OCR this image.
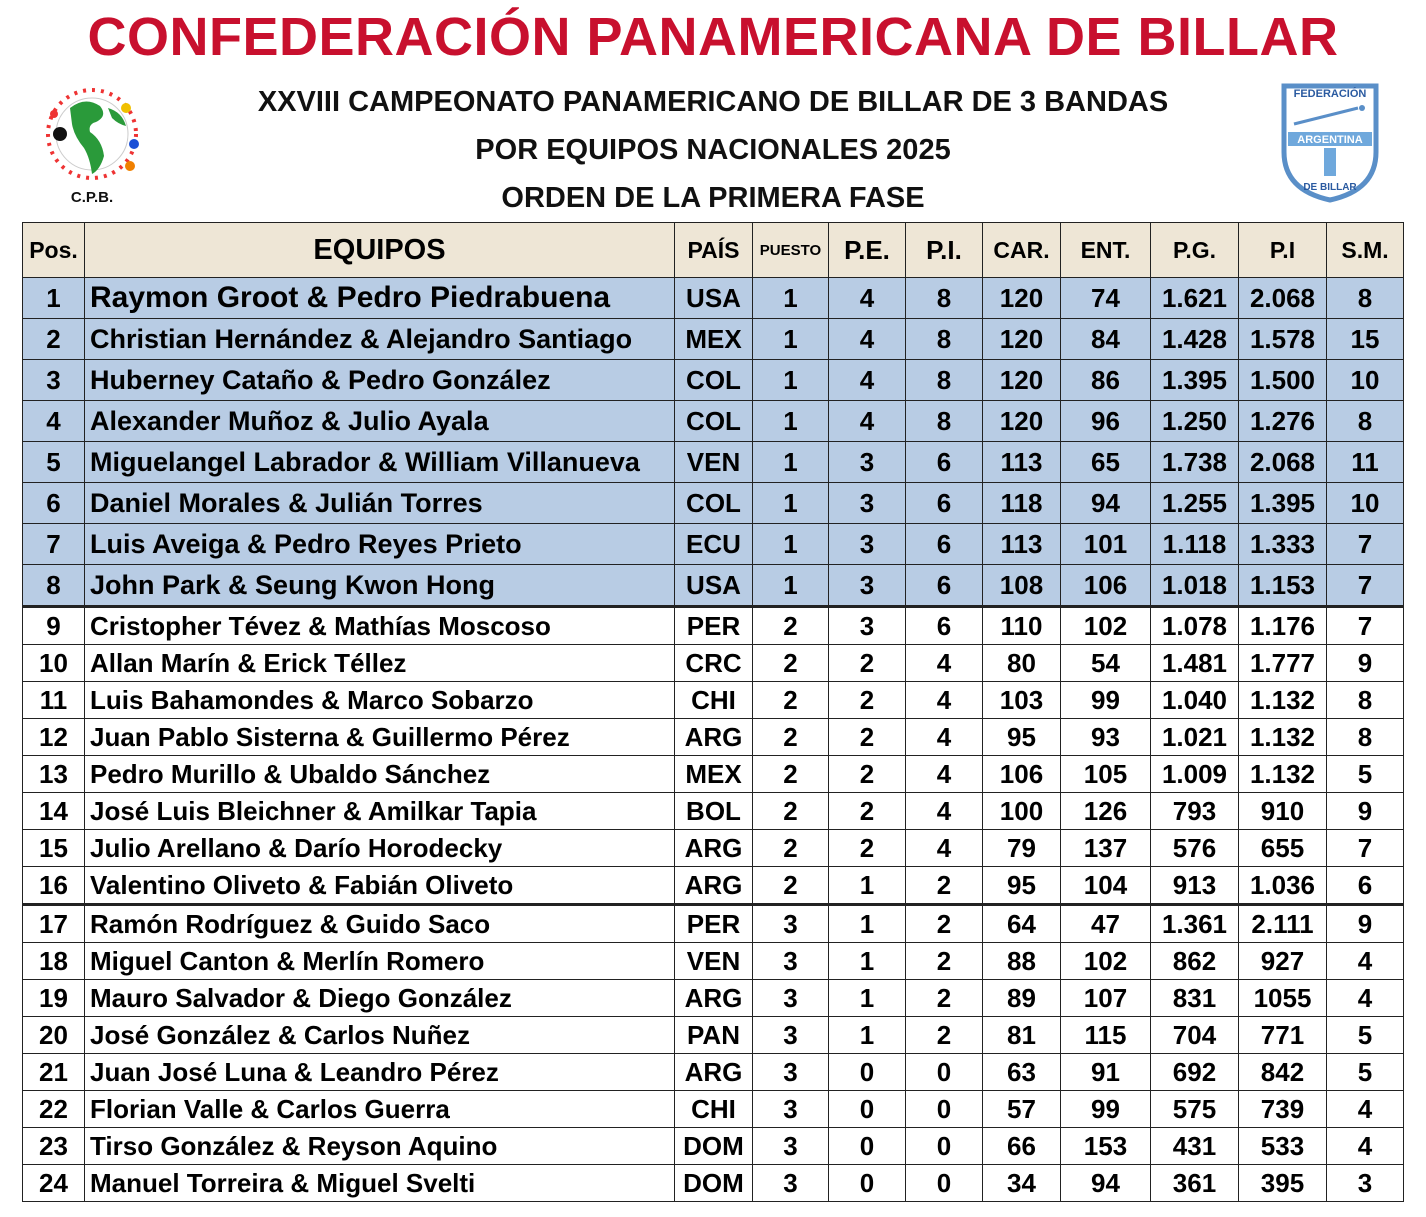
CONFEDERACIÓN PANAMERICANA DE BILLAR
C.P.B.
XXVIII CAMPEONATO PANAMERICANO DE BILLAR DE 3 BANDAS
POR EQUIPOS NACIONALES 2025
ORDEN DE LA PRIMERA FASE
FEDERACIÓN
ARGENTINA
DE BILLAR
Pos.	EQUIPOS	PAÍS	PUESTO	P.E.	P.I.	CAR.	ENT.	P.G.	P.I	S.M.
1	Raymon Groot & Pedro Piedrabuena	USA	1	4	8	120	74	1.621	2.068	8
2	Christian Hernández & Alejandro Santiago	MEX	1	4	8	120	84	1.428	1.578	15
3	Huberney Cataño & Pedro González	COL	1	4	8	120	86	1.395	1.500	10
4	Alexander Muñoz & Julio Ayala	COL	1	4	8	120	96	1.250	1.276	8
5	Miguelangel Labrador & William Villanueva	VEN	1	3	6	113	65	1.738	2.068	11
6	Daniel Morales & Julián Torres	COL	1	3	6	118	94	1.255	1.395	10
7	Luis Aveiga & Pedro Reyes Prieto	ECU	1	3	6	113	101	1.118	1.333	7
8	John Park & Seung Kwon Hong	USA	1	3	6	108	106	1.018	1.153	7
9	Cristopher Tévez & Mathías Moscoso	PER	2	3	6	110	102	1.078	1.176	7
10	Allan Marín & Erick Téllez	CRC	2	2	4	80	54	1.481	1.777	9
11	Luis Bahamondes & Marco Sobarzo	CHI	2	2	4	103	99	1.040	1.132	8
12	Juan Pablo Sisterna & Guillermo Pérez	ARG	2	2	4	95	93	1.021	1.132	8
13	Pedro Murillo & Ubaldo Sánchez	MEX	2	2	4	106	105	1.009	1.132	5
14	José Luis Bleichner & Amilkar Tapia	BOL	2	2	4	100	126	793	910	9
15	Julio Arellano & Darío Horodecky	ARG	2	2	4	79	137	576	655	7
16	Valentino Oliveto & Fabián Oliveto	ARG	2	1	2	95	104	913	1.036	6
17	Ramón Rodríguez & Guido Saco	PER	3	1	2	64	47	1.361	2.111	9
18	Miguel Canton & Merlín Romero	VEN	3	1	2	88	102	862	927	4
19	Mauro Salvador & Diego González	ARG	3	1	2	89	107	831	1055	4
20	José González & Carlos Nuñez	PAN	3	1	2	81	115	704	771	5
21	Juan José Luna & Leandro Pérez	ARG	3	0	0	63	91	692	842	5
22	Florian Valle & Carlos Guerra	CHI	3	0	0	57	99	575	739	4
23	Tirso González & Reyson Aquino	DOM	3	0	0	66	153	431	533	4
24	Manuel Torreira & Miguel Svelti	DOM	3	0	0	34	94	361	395	3
